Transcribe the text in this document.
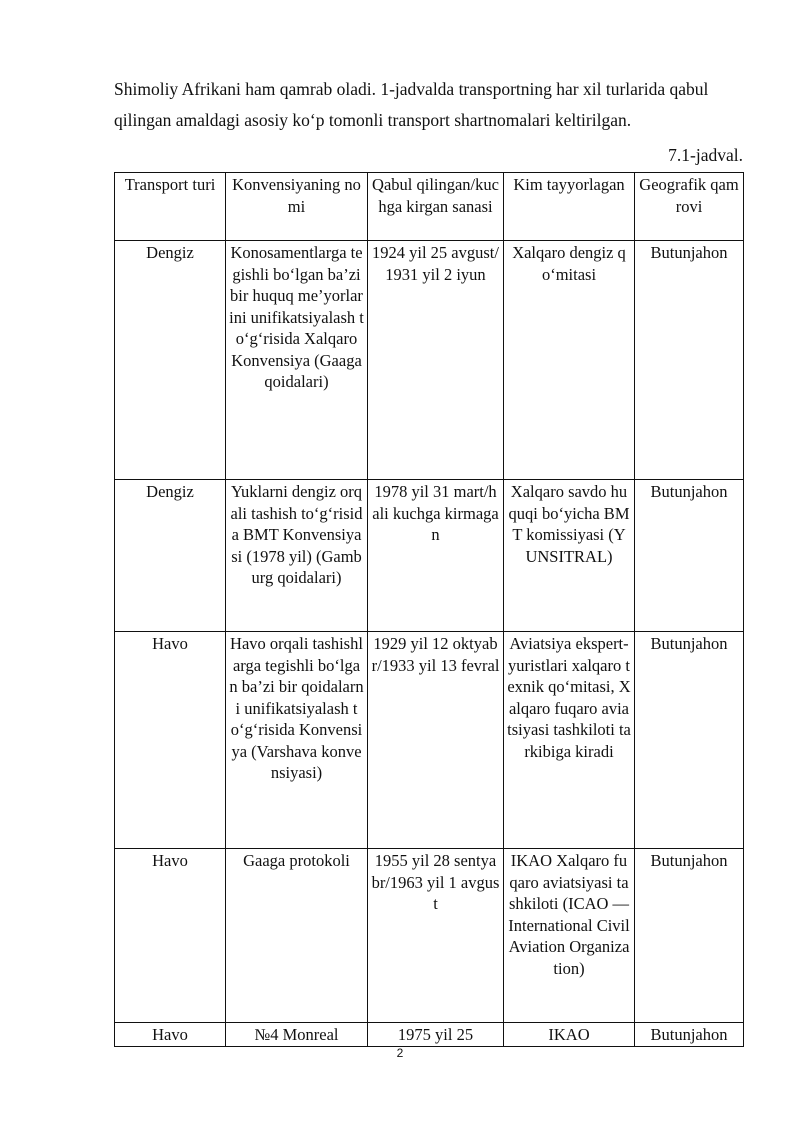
Shimoliy Afrikani ham qamrab oladi. 1-jadvalda transportning har xil turlarida qabul

qilingan amaldagi asosiy ko‘p tomonli transport shartnomalari keltirilgan.

7.1-jadval.
Transport turi	Konvensiyaning nomi	Qabul qilingan/kuchga kirgan sanasi	Kim tayyorlagan	Geografik qamrovi
Dengiz	Konosamentlarga tegishli bo‘lgan ba’zi bir huquq me’yorlarini unifikatsiyalash to‘g‘risida Xalqaro Konvensiya (Gaaga qoidalari)	1924 yil 25 avgust/1931 yil 2 iyun	Xalqaro dengiz qo‘mitasi	Butunjahon
Dengiz	Yuklarni dengiz orqali tashish to‘g‘risida BMT Konvensiyasi (1978 yil) (Gamburg qoidalari)	1978 yil 31 mart/hali kuchga kirmagan	Xalqaro savdo huquqi bo‘yicha BMT komissiyasi (YUNSITRAL)	Butunjahon
Havo	Havo orqali tashishlarga tegishli bo‘lgan ba’zi bir qoidalarni unifikatsiyalash to‘g‘risida Konvensiya (Varshava konvensiyasi)	1929 yil 12 oktyabr/1933 yil 13 fevral	Aviatsiya ekspert-yuristlari xalqaro texnik qo‘mitasi, Xalqaro fuqaro aviatsiyasi tashkiloti tarkibiga kiradi	Butunjahon
Havo	Gaaga protokoli	1955 yil 28 sentyabr/1963 yil 1 avgust	IKAO Xalqaro fuqaro aviatsiyasi tashkiloti (ICAO — International Civil Aviation Organization)	Butunjahon
Havo	№4 Monreal	1975 yil 25	IKAO	Butunjahon
2
